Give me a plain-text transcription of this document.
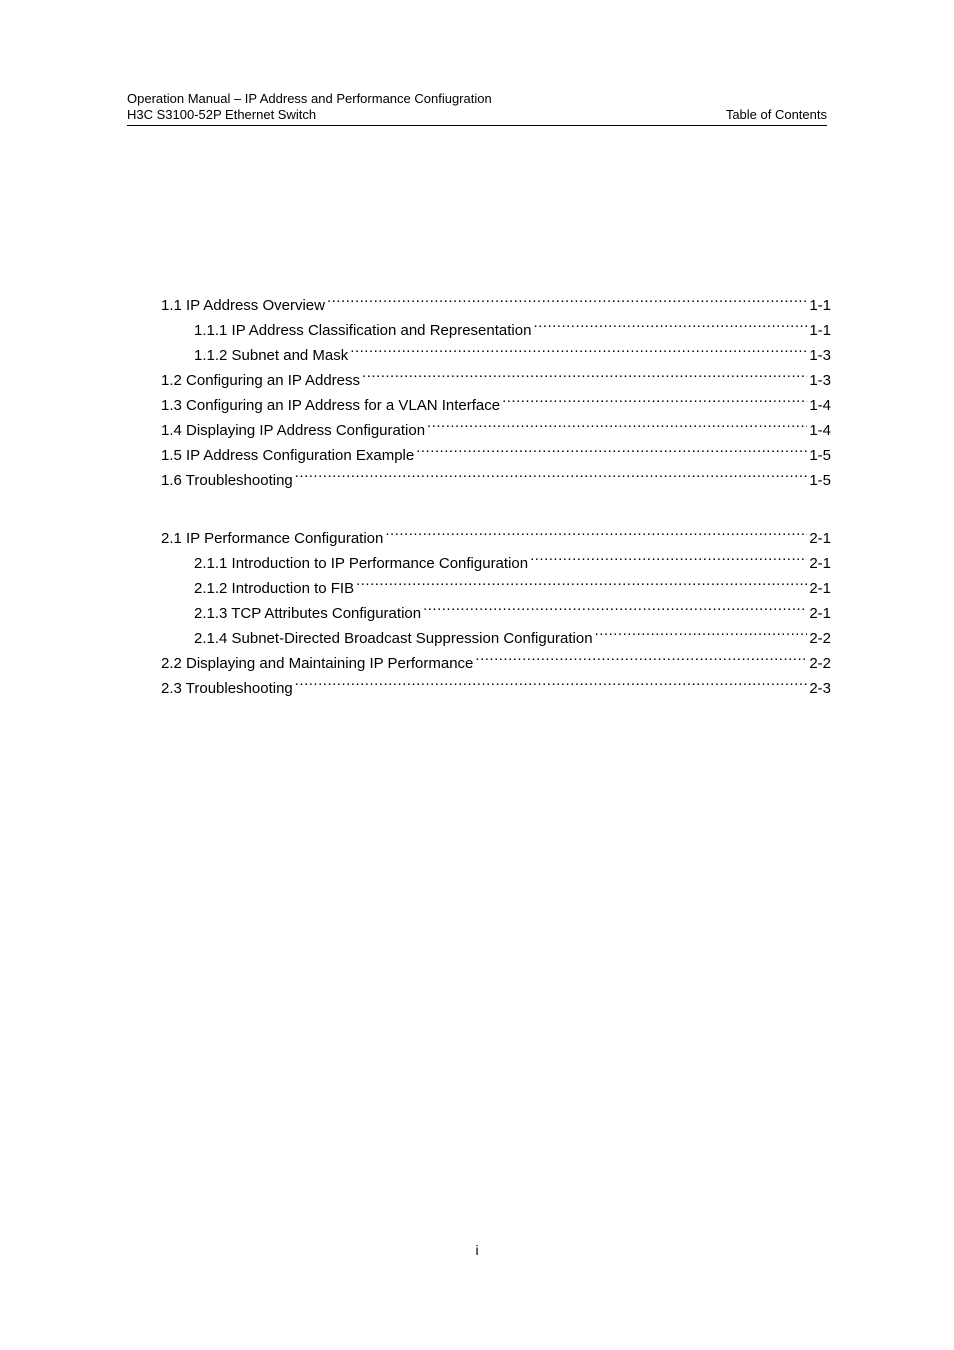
Operation Manual – IP Address and Performance Confiugration
H3C S3100-52P Ethernet Switch	Table of Contents
1.1 IP Address Overview .....	1-1
1.1.1 IP Address Classification and Representation .....	1-1
1.1.2 Subnet and Mask .....	1-3
1.2 Configuring an IP Address .....	1-3
1.3 Configuring an IP Address for a VLAN Interface .....	1-4
1.4 Displaying IP Address Configuration .....	1-4
1.5 IP Address Configuration Example .....	1-5
1.6 Troubleshooting .....	1-5
2.1 IP Performance Configuration .....	2-1
2.1.1 Introduction to IP Performance Configuration .....	2-1
2.1.2 Introduction to FIB .....	2-1
2.1.3 TCP Attributes Configuration .....	2-1
2.1.4 Subnet-Directed Broadcast Suppression Configuration .....	2-2
2.2 Displaying and Maintaining IP Performance .....	2-2
2.3 Troubleshooting .....	2-3
i
